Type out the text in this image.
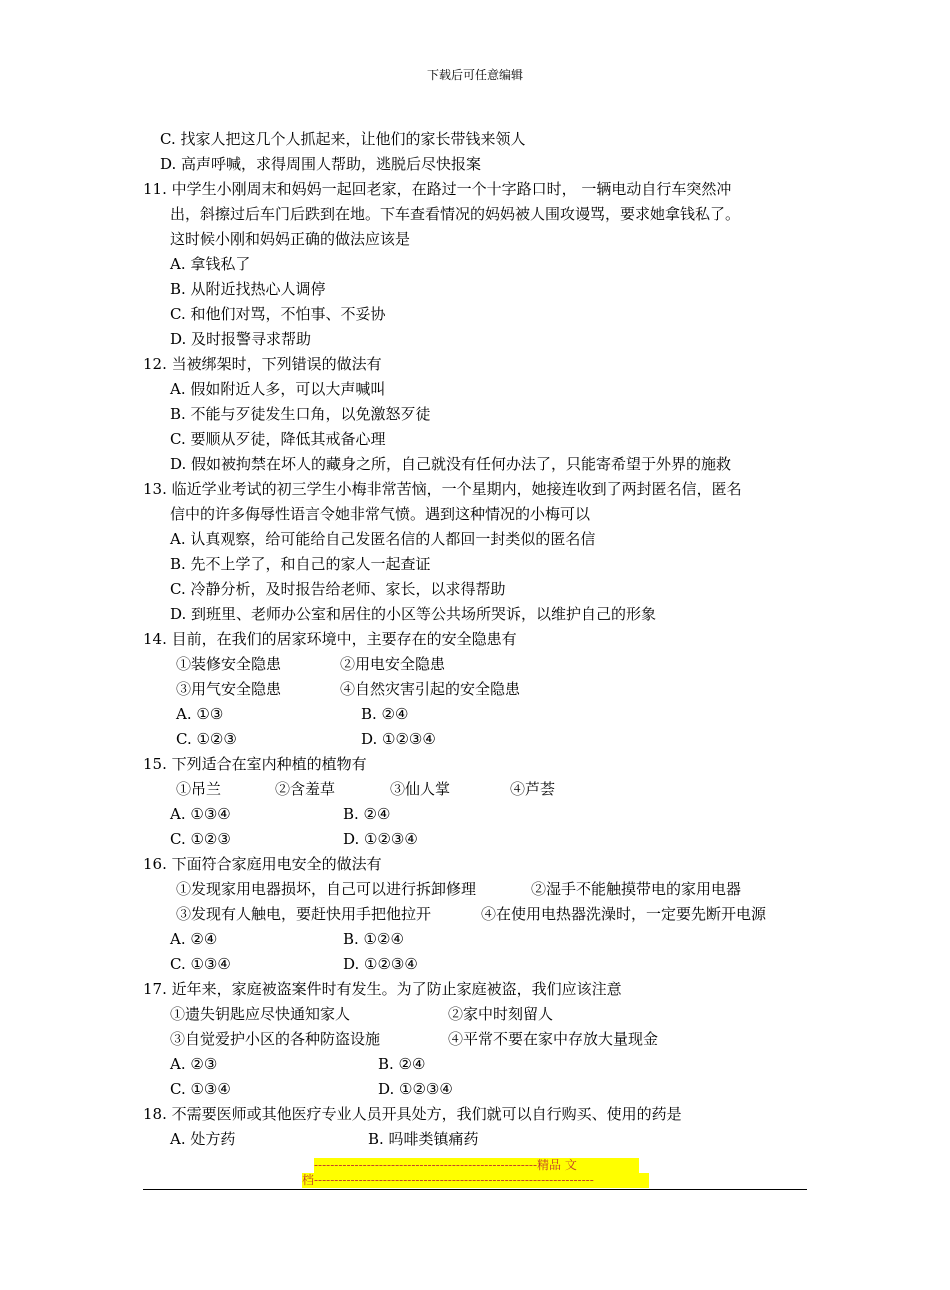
下载后可任意编辑
C. 找家人把这几个人抓起来，让他们的家长带钱来领人
D. 高声呼喊，求得周围人帮助，逃脱后尽快报案
11. 中学生小刚周末和妈妈一起回老家，在路过一个十字路口时， 一辆电动自行车突然冲
出，斜擦过后车门后跌到在地。下车查看情况的妈妈被人围攻谩骂，要求她拿钱私了。
这时候小刚和妈妈正确的做法应该是
A. 拿钱私了
B. 从附近找热心人调停
C. 和他们对骂，不怕事、不妥协
D. 及时报警寻求帮助
12. 当被绑架时，下列错误的做法有
A. 假如附近人多，可以大声喊叫
B. 不能与歹徒发生口角，以免激怒歹徒
C. 要顺从歹徒，降低其戒备心理
D. 假如被拘禁在坏人的藏身之所，自己就没有任何办法了，只能寄希望于外界的施救
13. 临近学业考试的初三学生小梅非常苦恼，一个星期内，她接连收到了两封匿名信，匿名
信中的许多侮辱性语言令她非常气愤。遇到这种情况的小梅可以
A. 认真观察，给可能给自己发匿名信的人都回一封类似的匿名信
B. 先不上学了，和自己的家人一起查证
C. 冷静分析，及时报告给老师、家长，以求得帮助
D. 到班里、老师办公室和居住的小区等公共场所哭诉，以维护自己的形象
14. 目前，在我们的居家环境中，主要存在的安全隐患有
①装修安全隐患	②用电安全隐患
③用气安全隐患	④自然灾害引起的安全隐患
A. ①③	B. ②④
C. ①②③	D. ①②③④
15. 下列适合在室内种植的植物有
①吊兰	②含羞草	③仙人掌	④芦荟
A. ①③④	B. ②④
C. ①②③	D. ①②③④
16. 下面符合家庭用电安全的做法有
①发现家用电器损坏，自己可以进行拆卸修理	②湿手不能触摸带电的家用电器
③发现有人触电，要赶快用手把他拉开	④在使用电热器洗澡时，一定要先断开电源
A. ②④	B. ①②④
C. ①③④	D. ①②③④
17. 近年来，家庭被盗案件时有发生。为了防止家庭被盗，我们应该注意
①遗失钥匙应尽快通知家人	②家中时刻留人
③自觉爱护小区的各种防盗设施	④平常不要在家中存放大量现金
A. ②③	B. ②④
C. ①③④	D. ①②③④
18. 不需要医师或其他医疗专业人员开具处方，我们就可以自行购买、使用的药是
A. 处方药	B. 吗啡类镇痛药
-------------------------------------------------------精品 文
档---------------------------------------------------------------------
